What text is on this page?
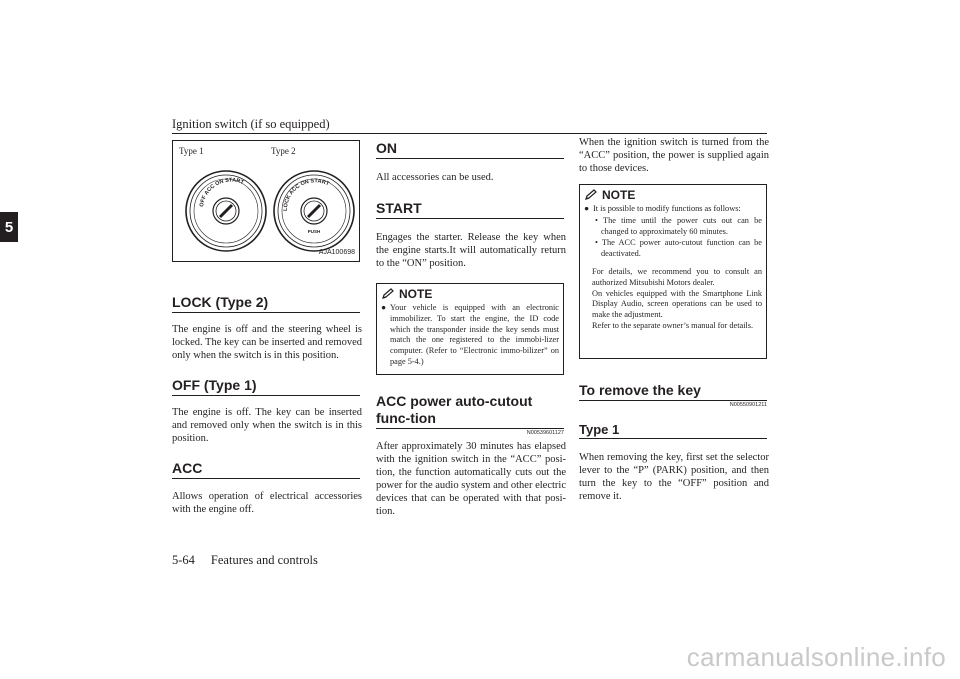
Ignition switch (if so equipped)
5
Type 1	Type 2
OFF ACC ON START
LOCK ACC ON START
PUSH
AJA100698
LOCK (Type 2)
The engine is off and the steering wheel is locked. The key can be inserted and removed only when the switch is in this position.
OFF (Type 1)
The engine is off. The key can be inserted and removed only when the switch is in this position.
ACC
Allows operation of electrical accessories with the engine off.
ON
All accessories can be used.
START
Engages the starter. Release the key when the engine starts.It will automatically return to the “ON” position.
NOTE
● Your vehicle is equipped with an electronic immobilizer. To start the engine, the ID code which the transponder inside the key sends must match the one registered to the immobi-lizer computer. (Refer to “Electronic immo-bilizer” on page 5-4.)
ACC power auto-cutout func-tion
N00539601127
After approximately 30 minutes has elapsed with the ignition switch in the “ACC” posi-tion, the function automatically cuts out the power for the audio system and other electric devices that can be operated with that posi-tion.
When the ignition switch is turned from the “ACC” position, the power is supplied again to those devices.
NOTE
● It is possible to modify functions as follows:
• The time until the power cuts out can be changed to approximately 60 minutes.
• The ACC power auto-cutout function can be deactivated.
For details, we recommend you to consult an authorized Mitsubishi Motors dealer.
On vehicles equipped with the Smartphone Link Display Audio, screen operations can be used to make the adjustment.
Refer to the separate owner’s manual for details.
To remove the key
N00550901211
Type 1
When removing the key, first set the selector lever to the “P” (PARK) position, and then turn the key to the “OFF” position and remove it.
5-64 Features and controls
carmanualsonline.info
